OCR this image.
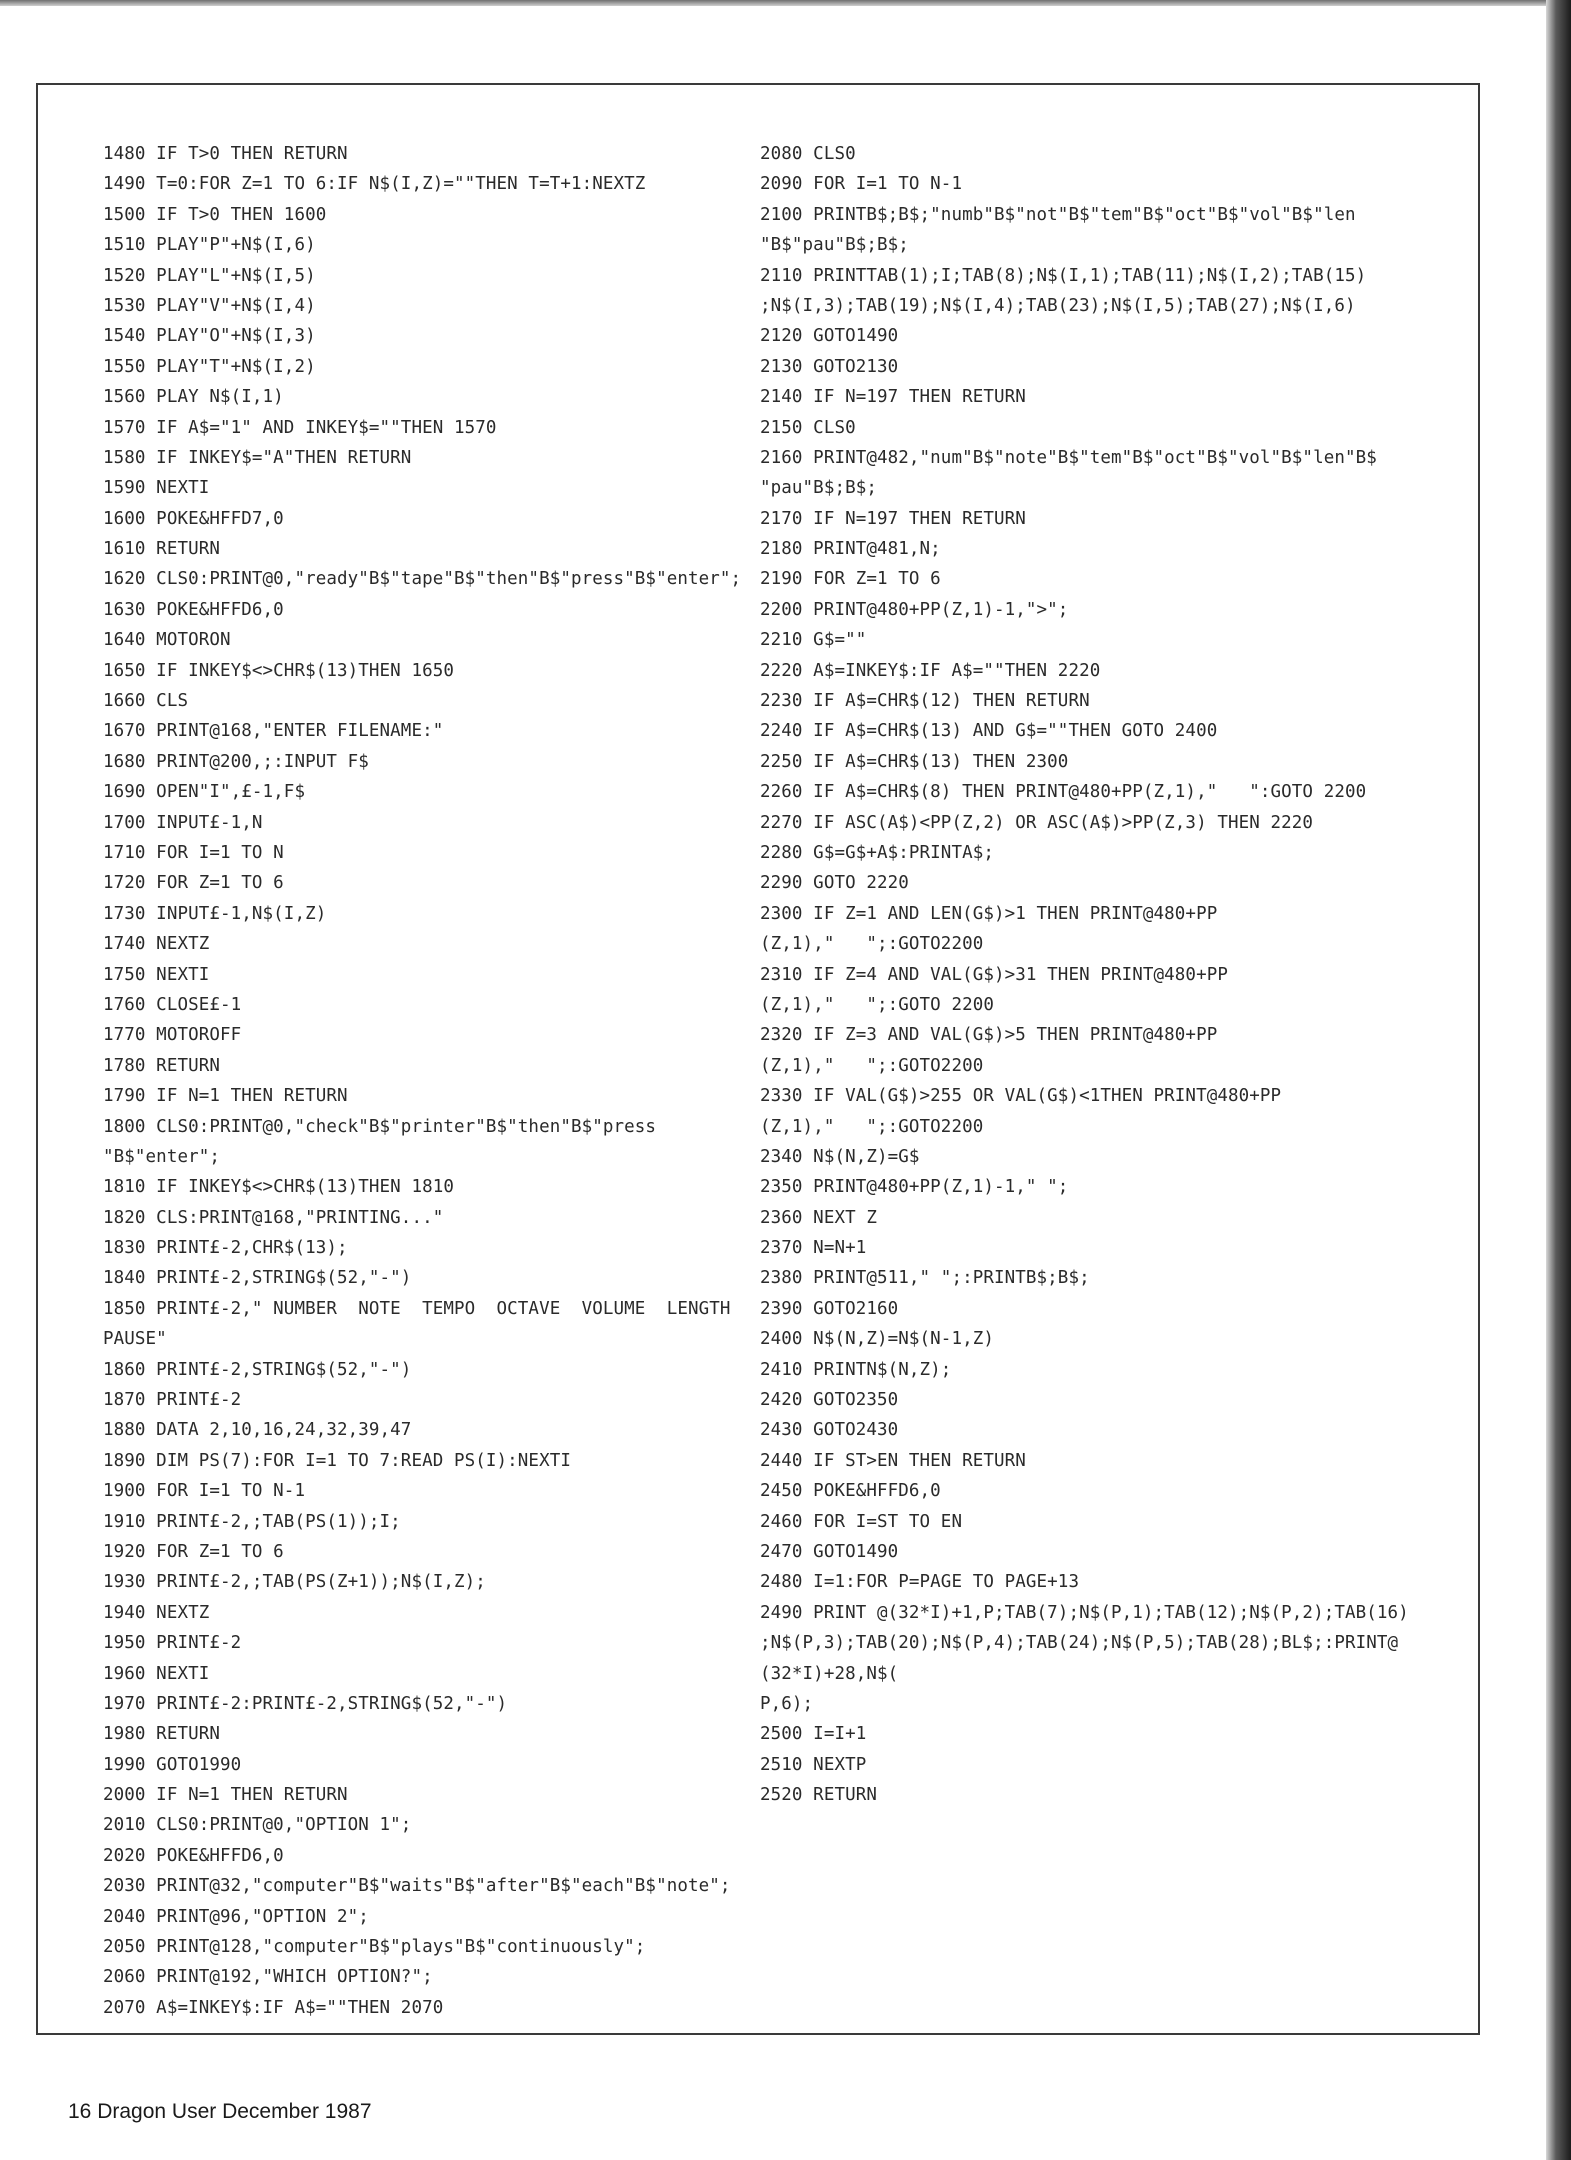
1480 IF T>0 THEN RETURN
1490 T=0:FOR Z=1 TO 6:IF N$(I,Z)=""THEN T=T+1:NEXTZ
1500 IF T>0 THEN 1600
1510 PLAY"P"+N$(I,6)
1520 PLAY"L"+N$(I,5)
1530 PLAY"V"+N$(I,4)
1540 PLAY"O"+N$(I,3)
1550 PLAY"T"+N$(I,2)
1560 PLAY N$(I,1)
1570 IF A$="1" AND INKEY$=""THEN 1570
1580 IF INKEY$="A"THEN RETURN
1590 NEXTI
1600 POKE&HFFD7,0
1610 RETURN
1620 CLS0:PRINT@0,"ready"B$"tape"B$"then"B$"press"B$"enter";
1630 POKE&HFFD6,0
1640 MOTORON
1650 IF INKEY$<>CHR$(13)THEN 1650
1660 CLS
1670 PRINT@168,"ENTER FILENAME:"
1680 PRINT@200,;:INPUT F$
1690 OPEN"I",£-1,F$
1700 INPUT£-1,N
1710 FOR I=1 TO N
1720 FOR Z=1 TO 6
1730 INPUT£-1,N$(I,Z)
1740 NEXTZ
1750 NEXTI
1760 CLOSE£-1
1770 MOTOROFF
1780 RETURN
1790 IF N=1 THEN RETURN
1800 CLS0:PRINT@0,"check"B$"printer"B$"then"B$"press
"B$"enter";
1810 IF INKEY$<>CHR$(13)THEN 1810
1820 CLS:PRINT@168,"PRINTING..."
1830 PRINT£-2,CHR$(13);
1840 PRINT£-2,STRING$(52,"-")
1850 PRINT£-2," NUMBER  NOTE  TEMPO  OCTAVE  VOLUME  LENGTH
PAUSE"
1860 PRINT£-2,STRING$(52,"-")
1870 PRINT£-2
1880 DATA 2,10,16,24,32,39,47
1890 DIM PS(7):FOR I=1 TO 7:READ PS(I):NEXTI
1900 FOR I=1 TO N-1
1910 PRINT£-2,;TAB(PS(1));I;
1920 FOR Z=1 TO 6
1930 PRINT£-2,;TAB(PS(Z+1));N$(I,Z);
1940 NEXTZ
1950 PRINT£-2
1960 NEXTI
1970 PRINT£-2:PRINT£-2,STRING$(52,"-")
1980 RETURN
1990 GOTO1990
2000 IF N=1 THEN RETURN
2010 CLS0:PRINT@0,"OPTION 1";
2020 POKE&HFFD6,0
2030 PRINT@32,"computer"B$"waits"B$"after"B$"each"B$"note";
2040 PRINT@96,"OPTION 2";
2050 PRINT@128,"computer"B$"plays"B$"continuously";
2060 PRINT@192,"WHICH OPTION?";
2070 A$=INKEY$:IF A$=""THEN 2070
2080 CLS0
2090 FOR I=1 TO N-1
2100 PRINTB$;B$;"numb"B$"not"B$"tem"B$"oct"B$"vol"B$"len
"B$"pau"B$;B$;
2110 PRINTTAB(1);I;TAB(8);N$(I,1);TAB(11);N$(I,2);TAB(15)
;N$(I,3);TAB(19);N$(I,4);TAB(23);N$(I,5);TAB(27);N$(I,6)
2120 GOTO1490
2130 GOTO2130
2140 IF N=197 THEN RETURN
2150 CLS0
2160 PRINT@482,"num"B$"note"B$"tem"B$"oct"B$"vol"B$"len"B$
"pau"B$;B$;
2170 IF N=197 THEN RETURN
2180 PRINT@481,N;
2190 FOR Z=1 TO 6
2200 PRINT@480+PP(Z,1)-1,">";
2210 G$=""
2220 A$=INKEY$:IF A$=""THEN 2220
2230 IF A$=CHR$(12) THEN RETURN
2240 IF A$=CHR$(13) AND G$=""THEN GOTO 2400
2250 IF A$=CHR$(13) THEN 2300
2260 IF A$=CHR$(8) THEN PRINT@480+PP(Z,1),"   ":GOTO 2200
2270 IF ASC(A$)<PP(Z,2) OR ASC(A$)>PP(Z,3) THEN 2220
2280 G$=G$+A$:PRINTA$;
2290 GOTO 2220
2300 IF Z=1 AND LEN(G$)>1 THEN PRINT@480+PP
(Z,1),"   ";:GOTO2200
2310 IF Z=4 AND VAL(G$)>31 THEN PRINT@480+PP
(Z,1),"   ";:GOTO 2200
2320 IF Z=3 AND VAL(G$)>5 THEN PRINT@480+PP
(Z,1),"   ";:GOTO2200
2330 IF VAL(G$)>255 OR VAL(G$)<1THEN PRINT@480+PP
(Z,1),"   ";:GOTO2200
2340 N$(N,Z)=G$
2350 PRINT@480+PP(Z,1)-1," ";
2360 NEXT Z
2370 N=N+1
2380 PRINT@511," ";:PRINTB$;B$;
2390 GOTO2160
2400 N$(N,Z)=N$(N-1,Z)
2410 PRINTN$(N,Z);
2420 GOTO2350
2430 GOTO2430
2440 IF ST>EN THEN RETURN
2450 POKE&HFFD6,0
2460 FOR I=ST TO EN
2470 GOTO1490
2480 I=1:FOR P=PAGE TO PAGE+13
2490 PRINT @(32*I)+1,P;TAB(7);N$(P,1);TAB(12);N$(P,2);TAB(16)
;N$(P,3);TAB(20);N$(P,4);TAB(24);N$(P,5);TAB(28);BL$;:PRINT@
(32*I)+28,N$(
P,6);
2500 I=I+1
2510 NEXTP
2520 RETURN
16 Dragon User December 1987
